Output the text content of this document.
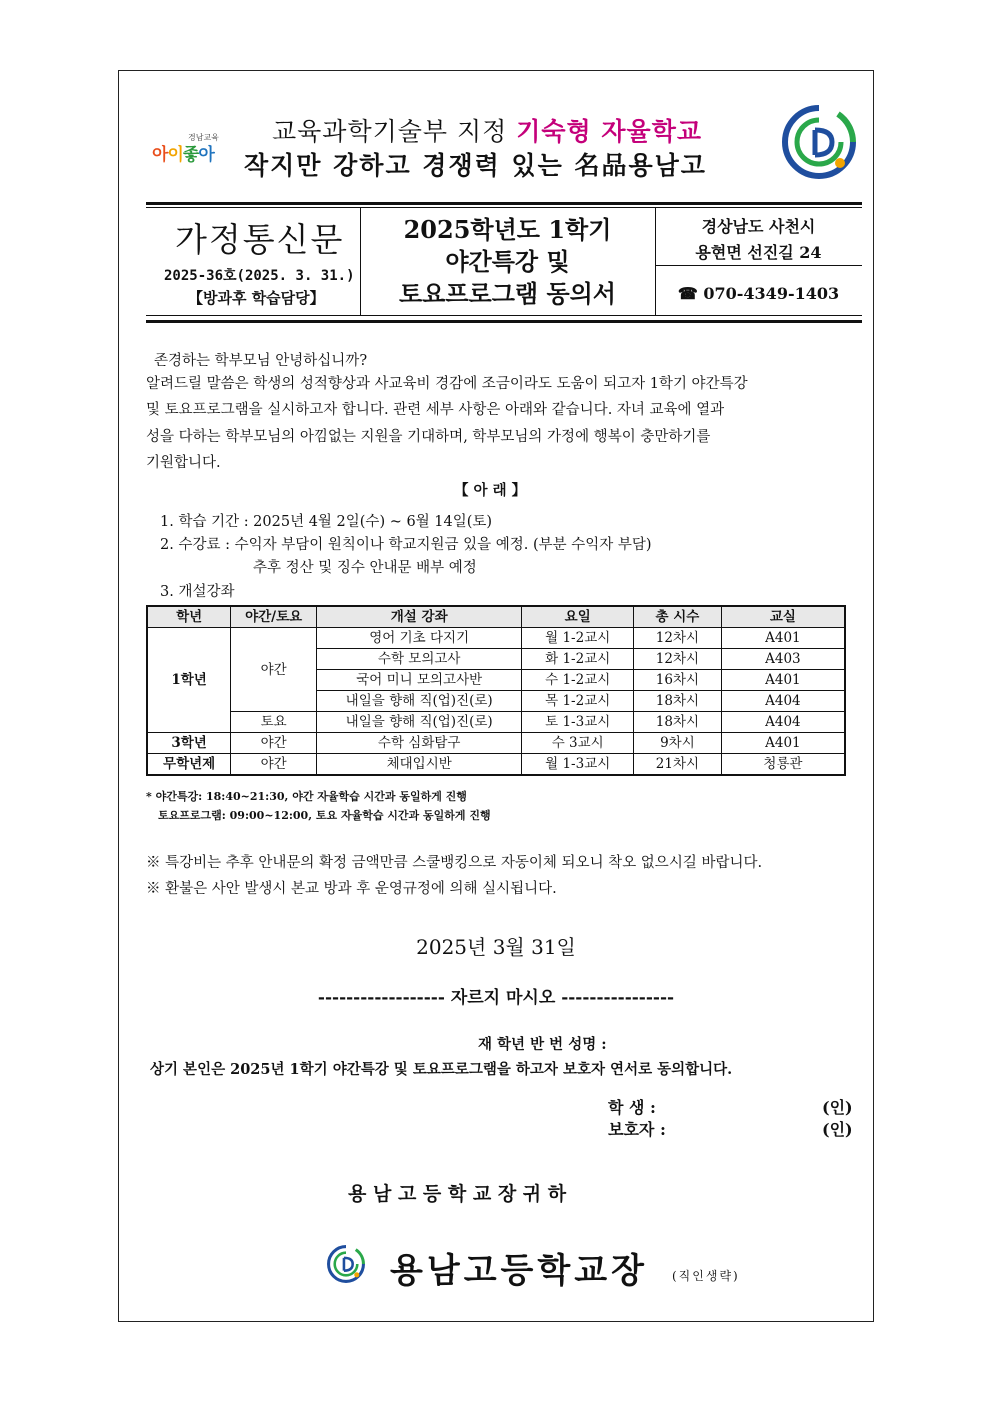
경남교육
아이좋아
교육과학기술부 지정 기숙형 자율학교
작지만 강하고 경쟁력 있는 名品용남고
가정통신문
2025-36호(2025. 3. 31.)
【방과후 학습담당】
2025학년도 1학기
야간특강 및
토요프로그램 동의서
경상남도 사천시
용현면 선진길 24
☎ 070-4349-1403
존경하는 학부모님 안녕하십니까?
알려드릴 말씀은 학생의 성적향상과 사교육비 경감에 조금이라도 도움이 되고자 1학기 야간특강
및 토요프로그램을 실시하고자 합니다. 관련 세부 사항은 아래와 같습니다. 자녀 교육에 열과
성을 다하는 학부모님의 아낌없는 지원을 기대하며, 학부모님의 가정에 행복이 충만하기를
기원합니다.
【 아 래 】
1. 학습 기간 : 2025년 4월 2일(수) ~ 6월 14일(토)
2. 수강료 : 수익자 부담이 원칙이나 학교지원금 있을 예정. (부분 수익자 부담)
추후 정산 및 징수 안내문 배부 예정
3. 개설강좌
학년	야간/토요	개설 강좌	요일	총 시수	교실
1학년	야간	영어 기초 다지기	월 1-2교시	12차시	A401
		수학 모의고사	화 1-2교시	12차시	A403
		국어 미니 모의고사반	수 1-2교시	16차시	A401
		내일을 향해 직(업)진(로)	목 1-2교시	18차시	A404
	토요	내일을 향해 직(업)진(로)	토 1-3교시	18차시	A404
3학년	야간	수학 심화탐구	수 3교시	9차시	A401
무학년제	야간	체대입시반	월 1-3교시	21차시	청룡관
* 야간특강: 18:40~21:30, 야간 자율학습 시간과 동일하게 진행
토요프로그램: 09:00~12:00, 토요 자율학습 시간과 동일하게 진행
※ 특강비는 추후 안내문의 확정 금액만큼 스쿨뱅킹으로 자동이체 되오니 착오 없으시길 바랍니다.
※ 환불은 사안 발생시 본교 방과 후 운영규정에 의해 실시됩니다.
2025년 3월 31일
------------------ 자르지 마시오 ----------------
재 학년 반 번 성명 :
상기 본인은 2025년 1학기 야간특강 및 토요프로그램을 하고자 보호자 연서로 동의합니다.
학 생 :	(인)
보호자 :	(인)
용 남 고 등 학 교 장 귀 하
용남고등학교장 (직인생략)
